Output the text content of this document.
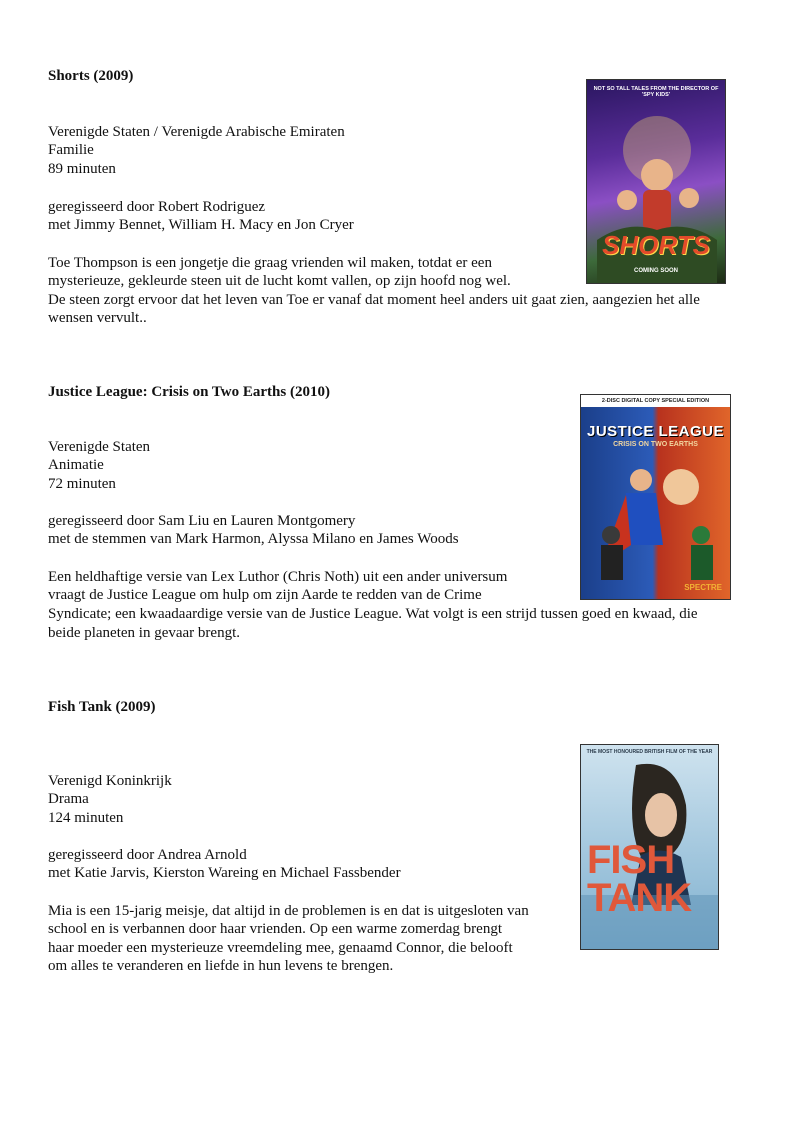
Shorts (2009)
Verenigde Staten / Verenigde Arabische Emiraten
Familie
89 minuten
geregisseerd door Robert Rodriguez
met Jimmy Bennet, William H. Macy en Jon Cryer
Toe Thompson is een jongetje die graag vrienden wil maken, totdat er een
mysterieuze, gekleurde steen uit de lucht komt vallen, op zijn hoofd nog wel.
De steen zorgt ervoor dat het leven van Toe er vanaf dat moment heel anders uit gaat zien, aangezien het alle
wensen vervult..
NOT SO TALL TALES FROM THE DIRECTOR OF 'SPY KIDS'
SHORTS
COMING SOON
Justice League: Crisis on Two Earths (2010)
Verenigde Staten
Animatie
72 minuten
geregisseerd door Sam Liu en Lauren Montgomery
met de stemmen van Mark Harmon, Alyssa Milano en James Woods
Een heldhaftige versie van Lex Luthor (Chris Noth) uit een ander universum
vraagt de Justice League om hulp om zijn Aarde te redden van de Crime
Syndicate; een kwaadaardige versie van de Justice League. Wat volgt is een strijd tussen goed en kwaad, die
beide planeten in gevaar brengt.
2-DISC DIGITAL COPY SPECIAL EDITION
JUSTICE LEAGUE
CRISIS ON TWO EARTHS
SPECTRE
Fish Tank (2009)
Verenigd Koninkrijk
Drama
124 minuten
geregisseerd door Andrea Arnold
met Katie Jarvis, Kierston Wareing en Michael Fassbender
Mia is een 15-jarig meisje, dat altijd in de problemen is en dat is uitgesloten van
school en is verbannen door haar vrienden. Op een warme zomerdag brengt
haar moeder een mysterieuze vreemdeling mee, genaamd Connor, die belooft
om alles te veranderen en liefde in hun levens te brengen.
THE MOST HONOURED BRITISH FILM OF THE YEAR
FISH
TANK
